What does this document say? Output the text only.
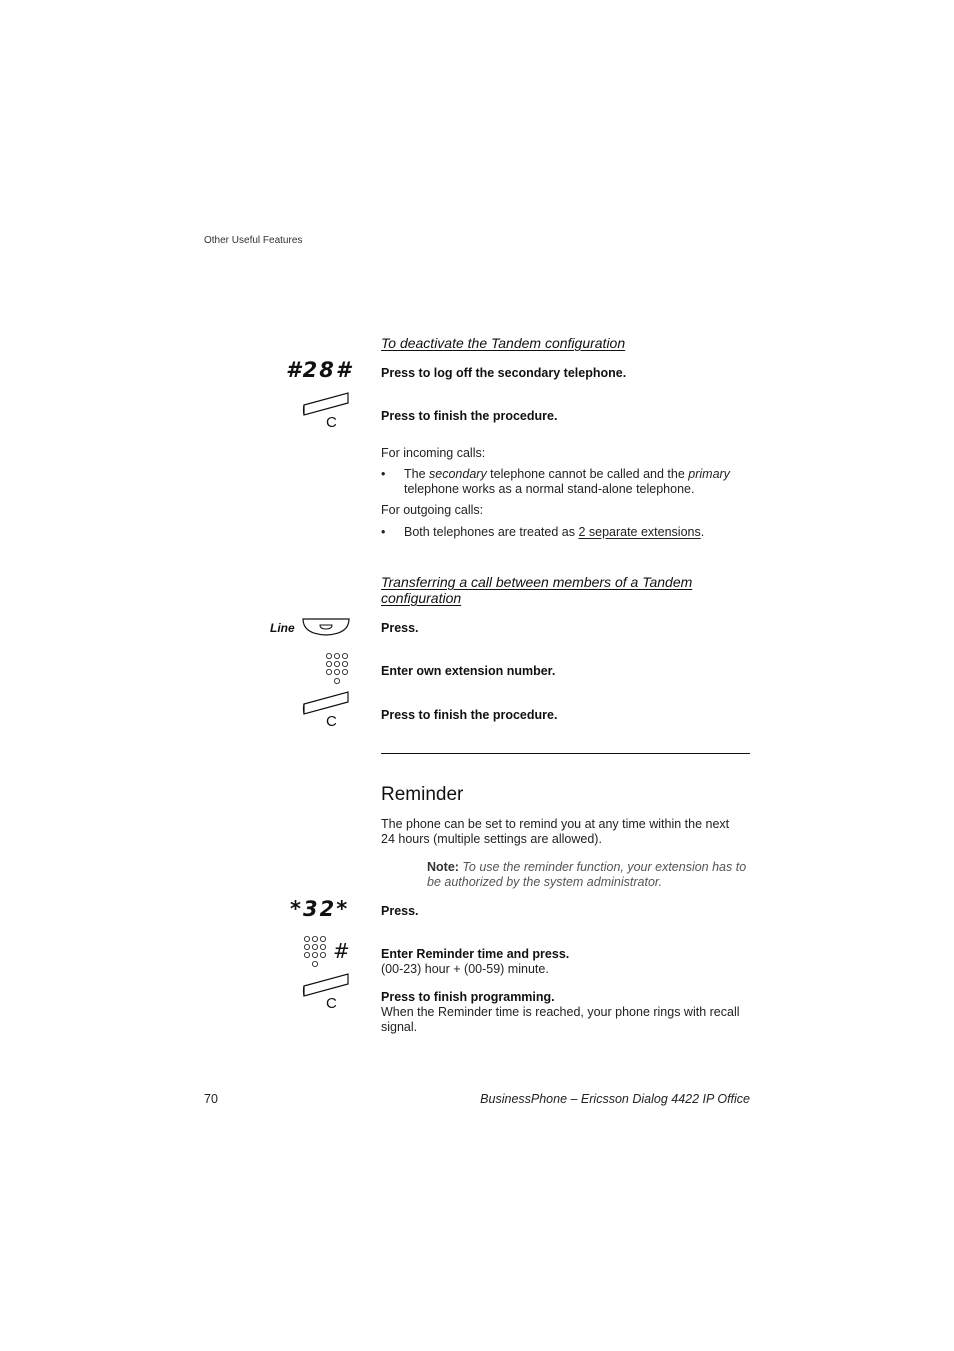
Other Useful Features
To deactivate the Tandem configuration
#28# Press to log off the secondary telephone.
C	Press to finish the procedure.
For incoming calls:
• The secondary telephone cannot be called and the primary telephone works as a normal stand-alone telephone.
For outgoing calls:
• Both telephones are treated as 2 separate extensions.
Transferring a call between members of a Tandem
configuration
Line	Press.
Enter own extension number.
C	Press to finish the procedure.
Reminder
The phone can be set to remind you at any time within the next
24 hours (multiple settings are allowed).
Note: To use the reminder function, your extension has to
be authorized by the system administrator.
*32*	Press.
# Enter Reminder time and press.
(00-23) hour + (00-59) minute.
C	Press to finish programming.
When the Reminder time is reached, your phone rings with recall
signal.
70	BusinessPhone – Ericsson Dialog 4422 IP Office
